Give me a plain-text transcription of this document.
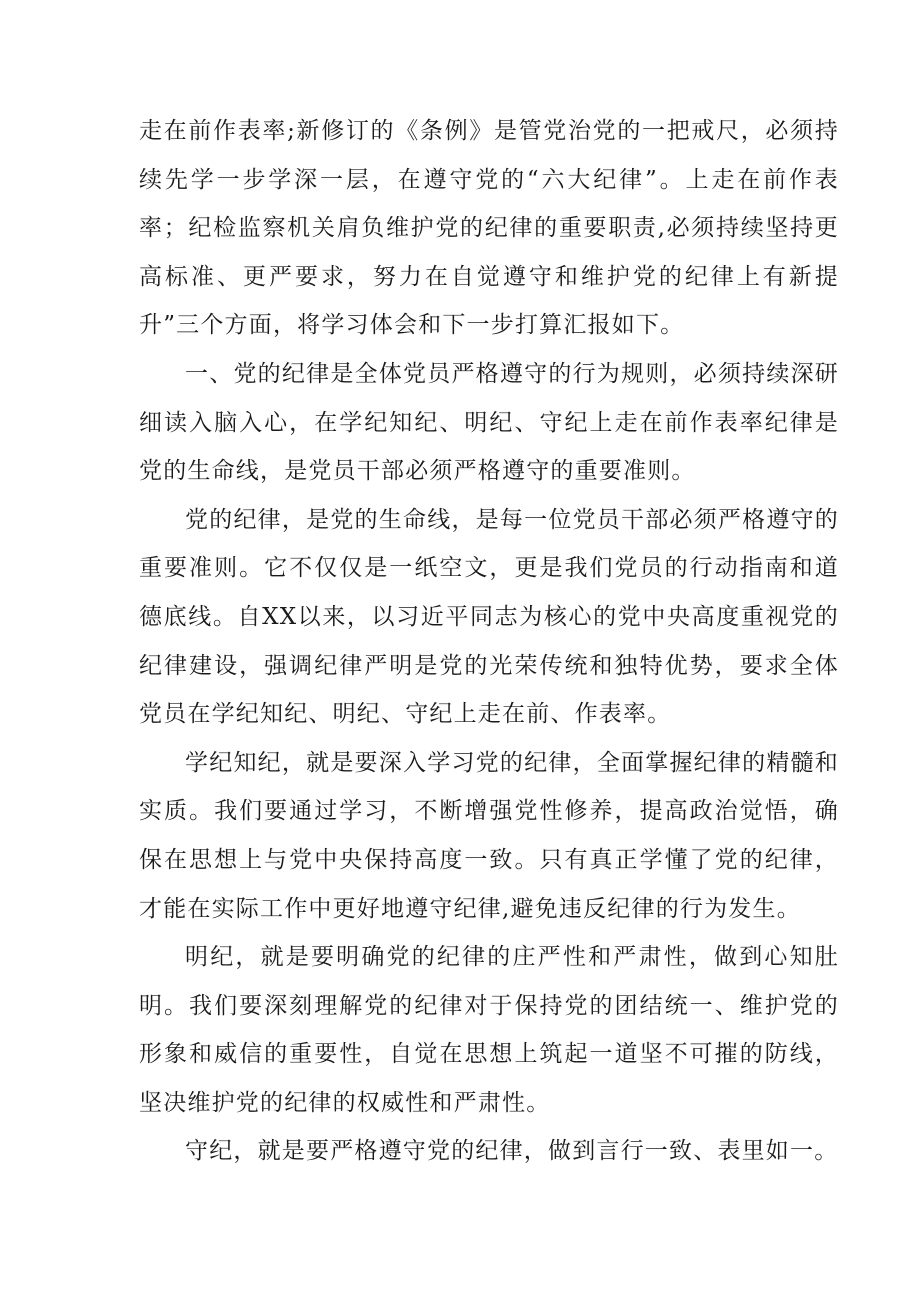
走在前作表率;新修订的《条例》是管党治党的一把戒尺，必须持续先学一步学深一层，在遵守党的“六大纪律”。上走在前作表率；纪检监察机关肩负维护党的纪律的重要职责,必须持续坚持更高标准、更严要求，努力在自觉遵守和维护党的纪律上有新提升”三个方面，将学习体会和下一步打算汇报如下。

一、党的纪律是全体党员严格遵守的行为规则，必须持续深研细读入脑入心，在学纪知纪、明纪、守纪上走在前作表率纪律是党的生命线，是党员干部必须严格遵守的重要准则。

党的纪律，是党的生命线，是每一位党员干部必须严格遵守的重要准则。它不仅仅是一纸空文，更是我们党员的行动指南和道德底线。自XX以来，以习近平同志为核心的党中央高度重视党的纪律建设，强调纪律严明是党的光荣传统和独特优势，要求全体党员在学纪知纪、明纪、守纪上走在前、作表率。

学纪知纪，就是要深入学习党的纪律，全面掌握纪律的精髓和实质。我们要通过学习，不断增强党性修养，提高政治觉悟，确保在思想上与党中央保持高度一致。只有真正学懂了党的纪律，才能在实际工作中更好地遵守纪律,避免违反纪律的行为发生。

明纪，就是要明确党的纪律的庄严性和严肃性，做到心知肚明。我们要深刻理解党的纪律对于保持党的团结统一、维护党的形象和威信的重要性，自觉在思想上筑起一道坚不可摧的防线，坚决维护党的纪律的权威性和严肃性。

守纪，就是要严格遵守党的纪律，做到言行一致、表里如一。
